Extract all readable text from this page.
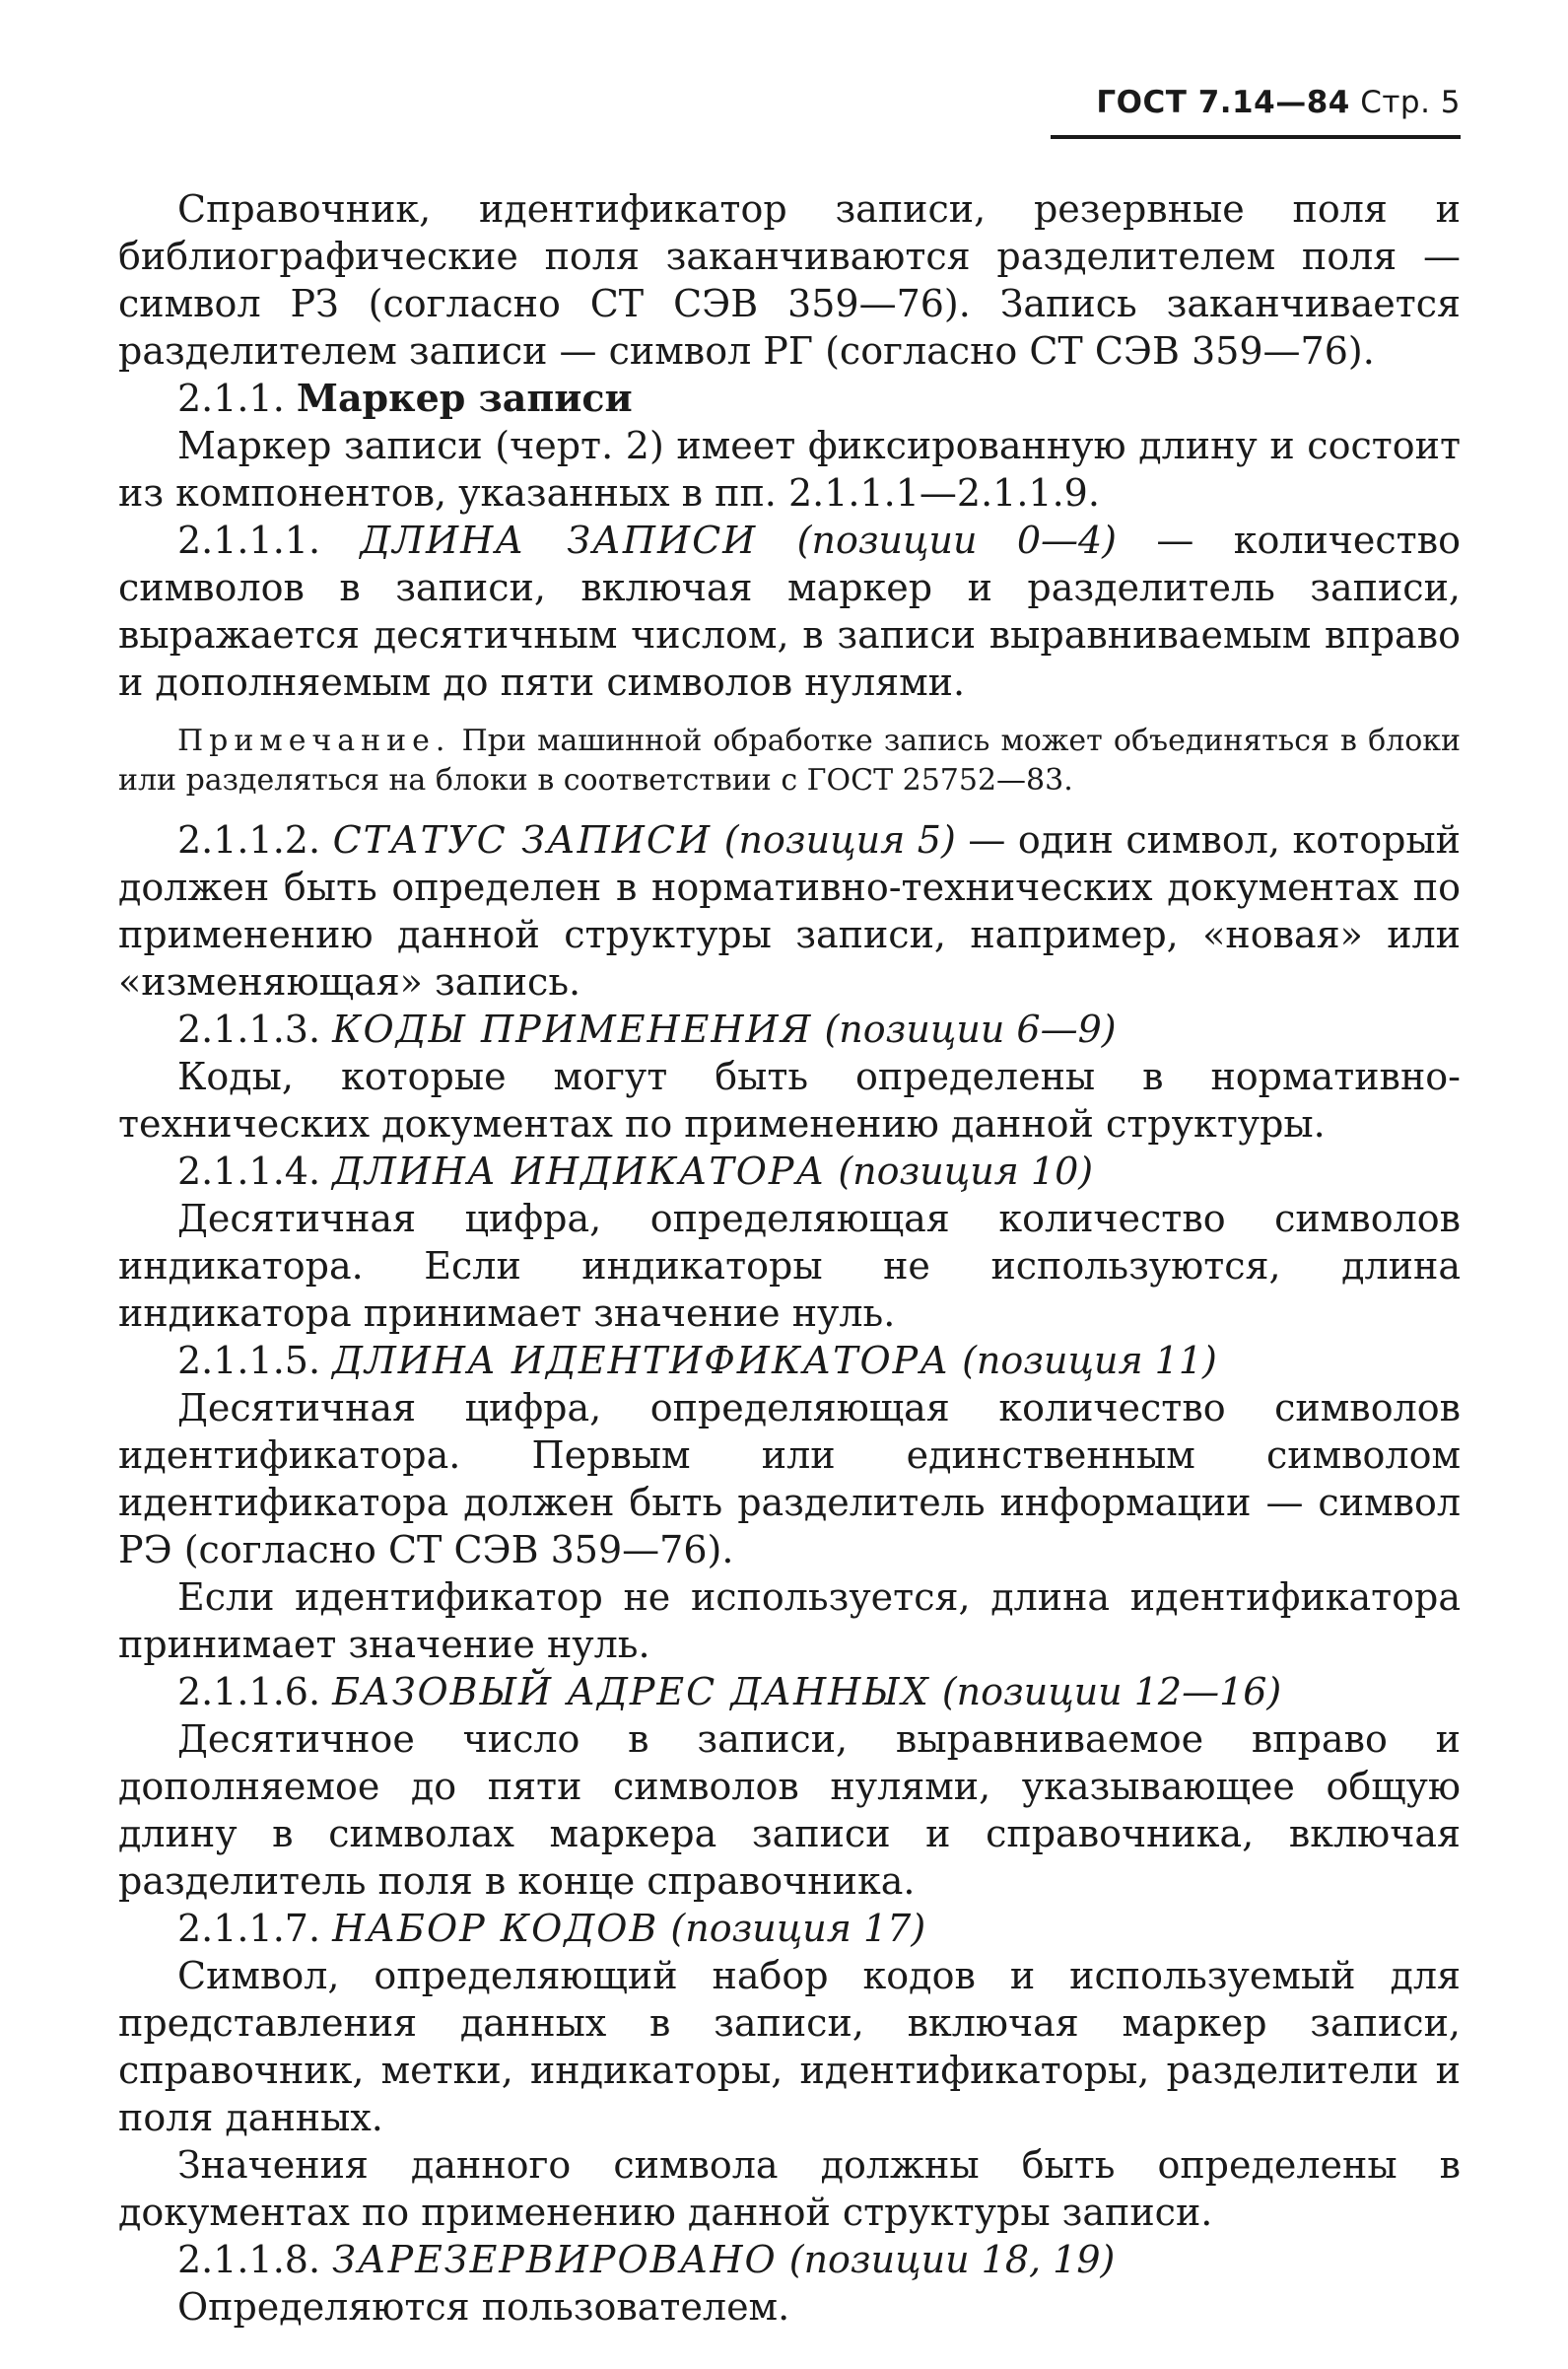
ГОСТ 7.14—84 Стр. 5

Справочник, идентификатор записи, резервные поля и библиографические поля заканчиваются разделителем поля — символ РЗ (согласно СТ СЭВ 359—76). Запись заканчивается разделителем записи — символ РГ (согласно СТ СЭВ 359—76).

2.1.1. Маркер записи

Маркер записи (черт. 2) имеет фиксированную длину и состоит из компонентов, указанных в пп. 2.1.1.1—2.1.1.9.

2.1.1.1. ДЛИНА ЗАПИСИ (позиции 0—4) — количество символов в записи, включая маркер и разделитель записи, выражается десятичным числом, в записи выравниваемым вправо и дополняемым до пяти символов нулями.

Примечание. При машинной обработке запись может объединяться в блоки или разделяться на блоки в соответствии с ГОСТ 25752—83.

2.1.1.2. СТАТУС ЗАПИСИ (позиция 5) — один символ, который должен быть определен в нормативно-технических документах по применению данной структуры записи, например, «новая» или «изменяющая» запись.

2.1.1.3. КОДЫ ПРИМЕНЕНИЯ (позиции 6—9)

Коды, которые могут быть определены в нормативно-технических документах по применению данной структуры.

2.1.1.4. ДЛИНА ИНДИКАТОРА (позиция 10)

Десятичная цифра, определяющая количество символов индикатора. Если индикаторы не используются, длина индикатора принимает значение нуль.

2.1.1.5. ДЛИНА ИДЕНТИФИКАТОРА (позиция 11)

Десятичная цифра, определяющая количество символов идентификатора. Первым или единственным символом идентификатора должен быть разделитель информации — символ РЭ (согласно СТ СЭВ 359—76).

Если идентификатор не используется, длина идентификатора принимает значение нуль.

2.1.1.6. БАЗОВЫЙ АДРЕС ДАННЫХ (позиции 12—16)

Десятичное число в записи, выравниваемое вправо и дополняемое до пяти символов нулями, указывающее общую длину в символах маркера записи и справочника, включая разделитель поля в конце справочника.

2.1.1.7. НАБОР КОДОВ (позиция 17)

Символ, определяющий набор кодов и используемый для представления данных в записи, включая маркер записи, справочник, метки, индикаторы, идентификаторы, разделители и поля данных.

Значения данного символа должны быть определены в документах по применению данной структуры записи.

2.1.1.8. ЗАРЕЗЕРВИРОВАНО (позиции 18, 19)

Определяются пользователем.
